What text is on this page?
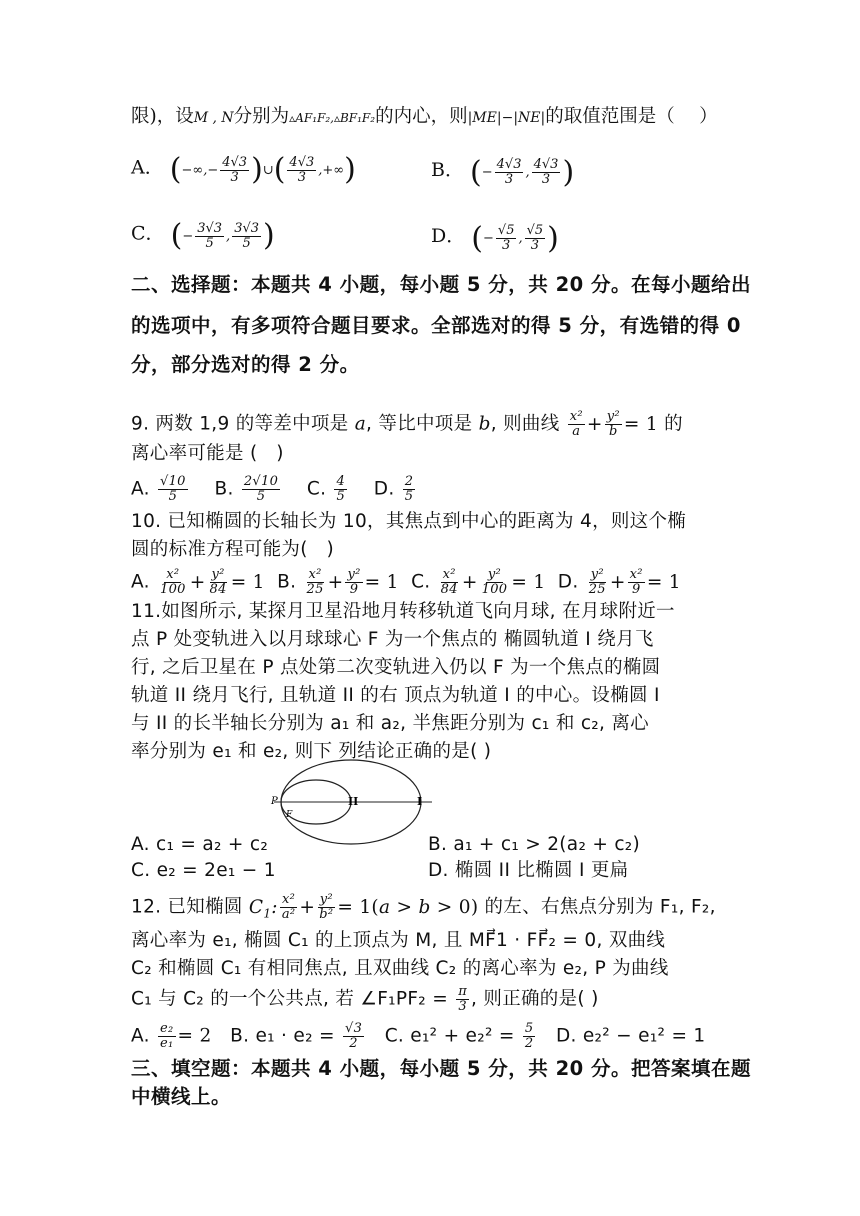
限)，设M , N分别为▵AF₁F₂,▵BF₁F₂的内心，则|ME|−|NE|的取值范围是（　 ）
A． (−∞,− $\frac{4√3}{3}$ )∪( $\frac{4√3}{3}$ ,+∞)	B． (− $\frac{4√3}{3}$ , $\frac{4√3}{3}$ )
C． (− $\frac{3√3}{5}$ , $\frac{3√3}{5}$ )	D． (− $\frac{√5}{3}$ , $\frac{√5}{3}$ )
二、选择题：本题共 4 小题，每小题 5 分，共 20 分。在每小题给出
的选项中，有多项符合题目要求。全部选对的得 5 分，有选错的得 0
分，部分选对的得 2 分。
9. 两数 1,9 的等差中项是 a, 等比中项是 b, 则曲线 $\frac{\text{x²}}{a} + \frac{\text{y²}}{b} = 1$ 的
离心率可能是 (　)
A. $\frac{√10}{5} B$. $\frac{2√10}{5} C$. $\frac{4}{5} D$. $\frac{2}{5}$
10. 已知椭圆的长轴长为 10，其焦点到中心的距离为 4，则这个椭
圆的标准方程可能为(　)
A. $\frac{\text{x²}}{100} + \frac{\text{y²}}{84} = 1$ B. $\frac{\text{x²}}{25} + \frac{\text{y²}}{9} = 1$ C. $\frac{\text{x²}}{84} + \frac{\text{y²}}{100} = 1$ D. $\frac{\text{y²}}{25} + \frac{\text{x²}}{9} = 1$
11.如图所示, 某探月卫星沿地月转移轨道飞向月球, 在月球附近一
点 P 处变轨进入以月球球心 F 为一个焦点的 椭圆轨道 I 绕月飞
行, 之后卫星在 P 点处第二次变轨进入仍以 F 为一个焦点的椭圆
轨道 II 绕月飞行, 且轨道 II 的右 顶点为轨道 I 的中心。设椭圆 I
与 II 的长半轴长分别为 a₁ 和 a₂, 半焦距分别为 c₁ 和 c₂, 离心
率分别为 e₁ 和 e₂, 则下 列结论正确的是( )
P
F
II	I
A. c₁ = a₂ + c₂	B. a₁ + c₁ > 2(a₂ + c₂)
C. e₂ = 2e₁ − 1	D. 椭圆 II 比椭圆 I 更扁
12. 已知椭圆 $C_1$: $\frac{\text{x²}}{\text{a²}} + \frac{\text{y²}}{\text{b²}} = 1(a > b > 0)$ 的左、右焦点分别为 F₁, F₂,
离心率为 e₁, 椭圆 C₁ 的上顶点为 M, 且 MF⃗1 · FF⃗₂ = 0, 双曲线
C₂ 和椭圆 C₁ 有相同焦点, 且双曲线 C₂ 的离心率为 e₂, P 为曲线
C₁ 与 C₂ 的一个公共点, 若 ∠F₁PF₂ = $\frac{\pi}{3}$ , 则正确的是( )
A. $\frac{\text{e₂}}{\text{e₁}} = 2$ B. $e_1 \cdot e_2 = \frac{√3}{2} C$. $e_1^2 + e_2^2 = \frac{5}{2} D$. e₂² − e₁² = 1
三、填空题：本题共 4 小题，每小题 5 分，共 20 分。把答案填在题
中横线上。
